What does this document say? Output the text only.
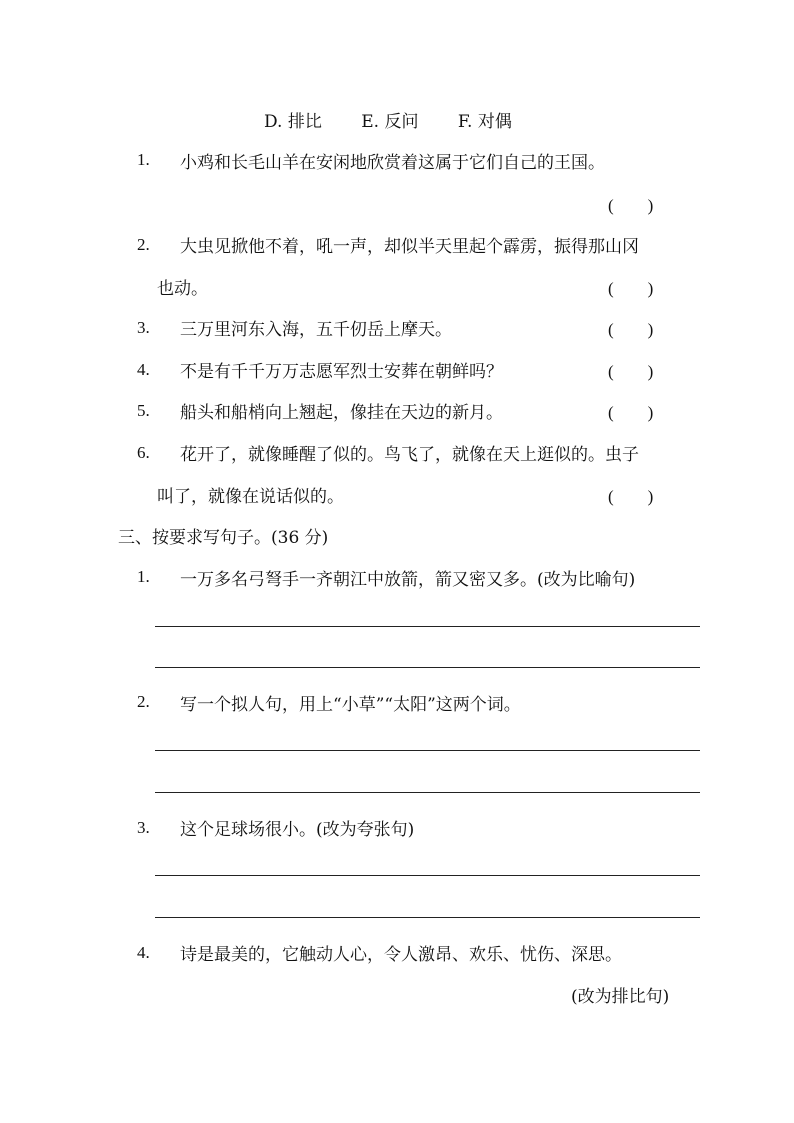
D. 排比 E. 反问 F. 对偶
1. 小鸡和长毛山羊在安闲地欣赏着这属于它们自己的王国。
(　　)
2. 大虫见掀他不着，吼一声，却似半天里起个霹雳，振得那山冈
也动。	(　　)
3. 三万里河东入海，五千仞岳上摩天。	(　　)
4. 不是有千千万万志愿军烈士安葬在朝鲜吗？	(　　)
5. 船头和船梢向上翘起，像挂在天边的新月。	(　　)
6. 花开了，就像睡醒了似的。鸟飞了，就像在天上逛似的。虫子
叫了，就像在说话似的。	(　　)
三、按要求写句子。(36 分)
1. 一万多名弓弩手一齐朝江中放箭，箭又密又多。(改为比喻句)
2. 写一个拟人句，用上“小草”“太阳”这两个词。
3. 这个足球场很小。(改为夸张句)
4. 诗是最美的，它触动人心，令人激昂、欢乐、忧伤、深思。
(改为排比句)
